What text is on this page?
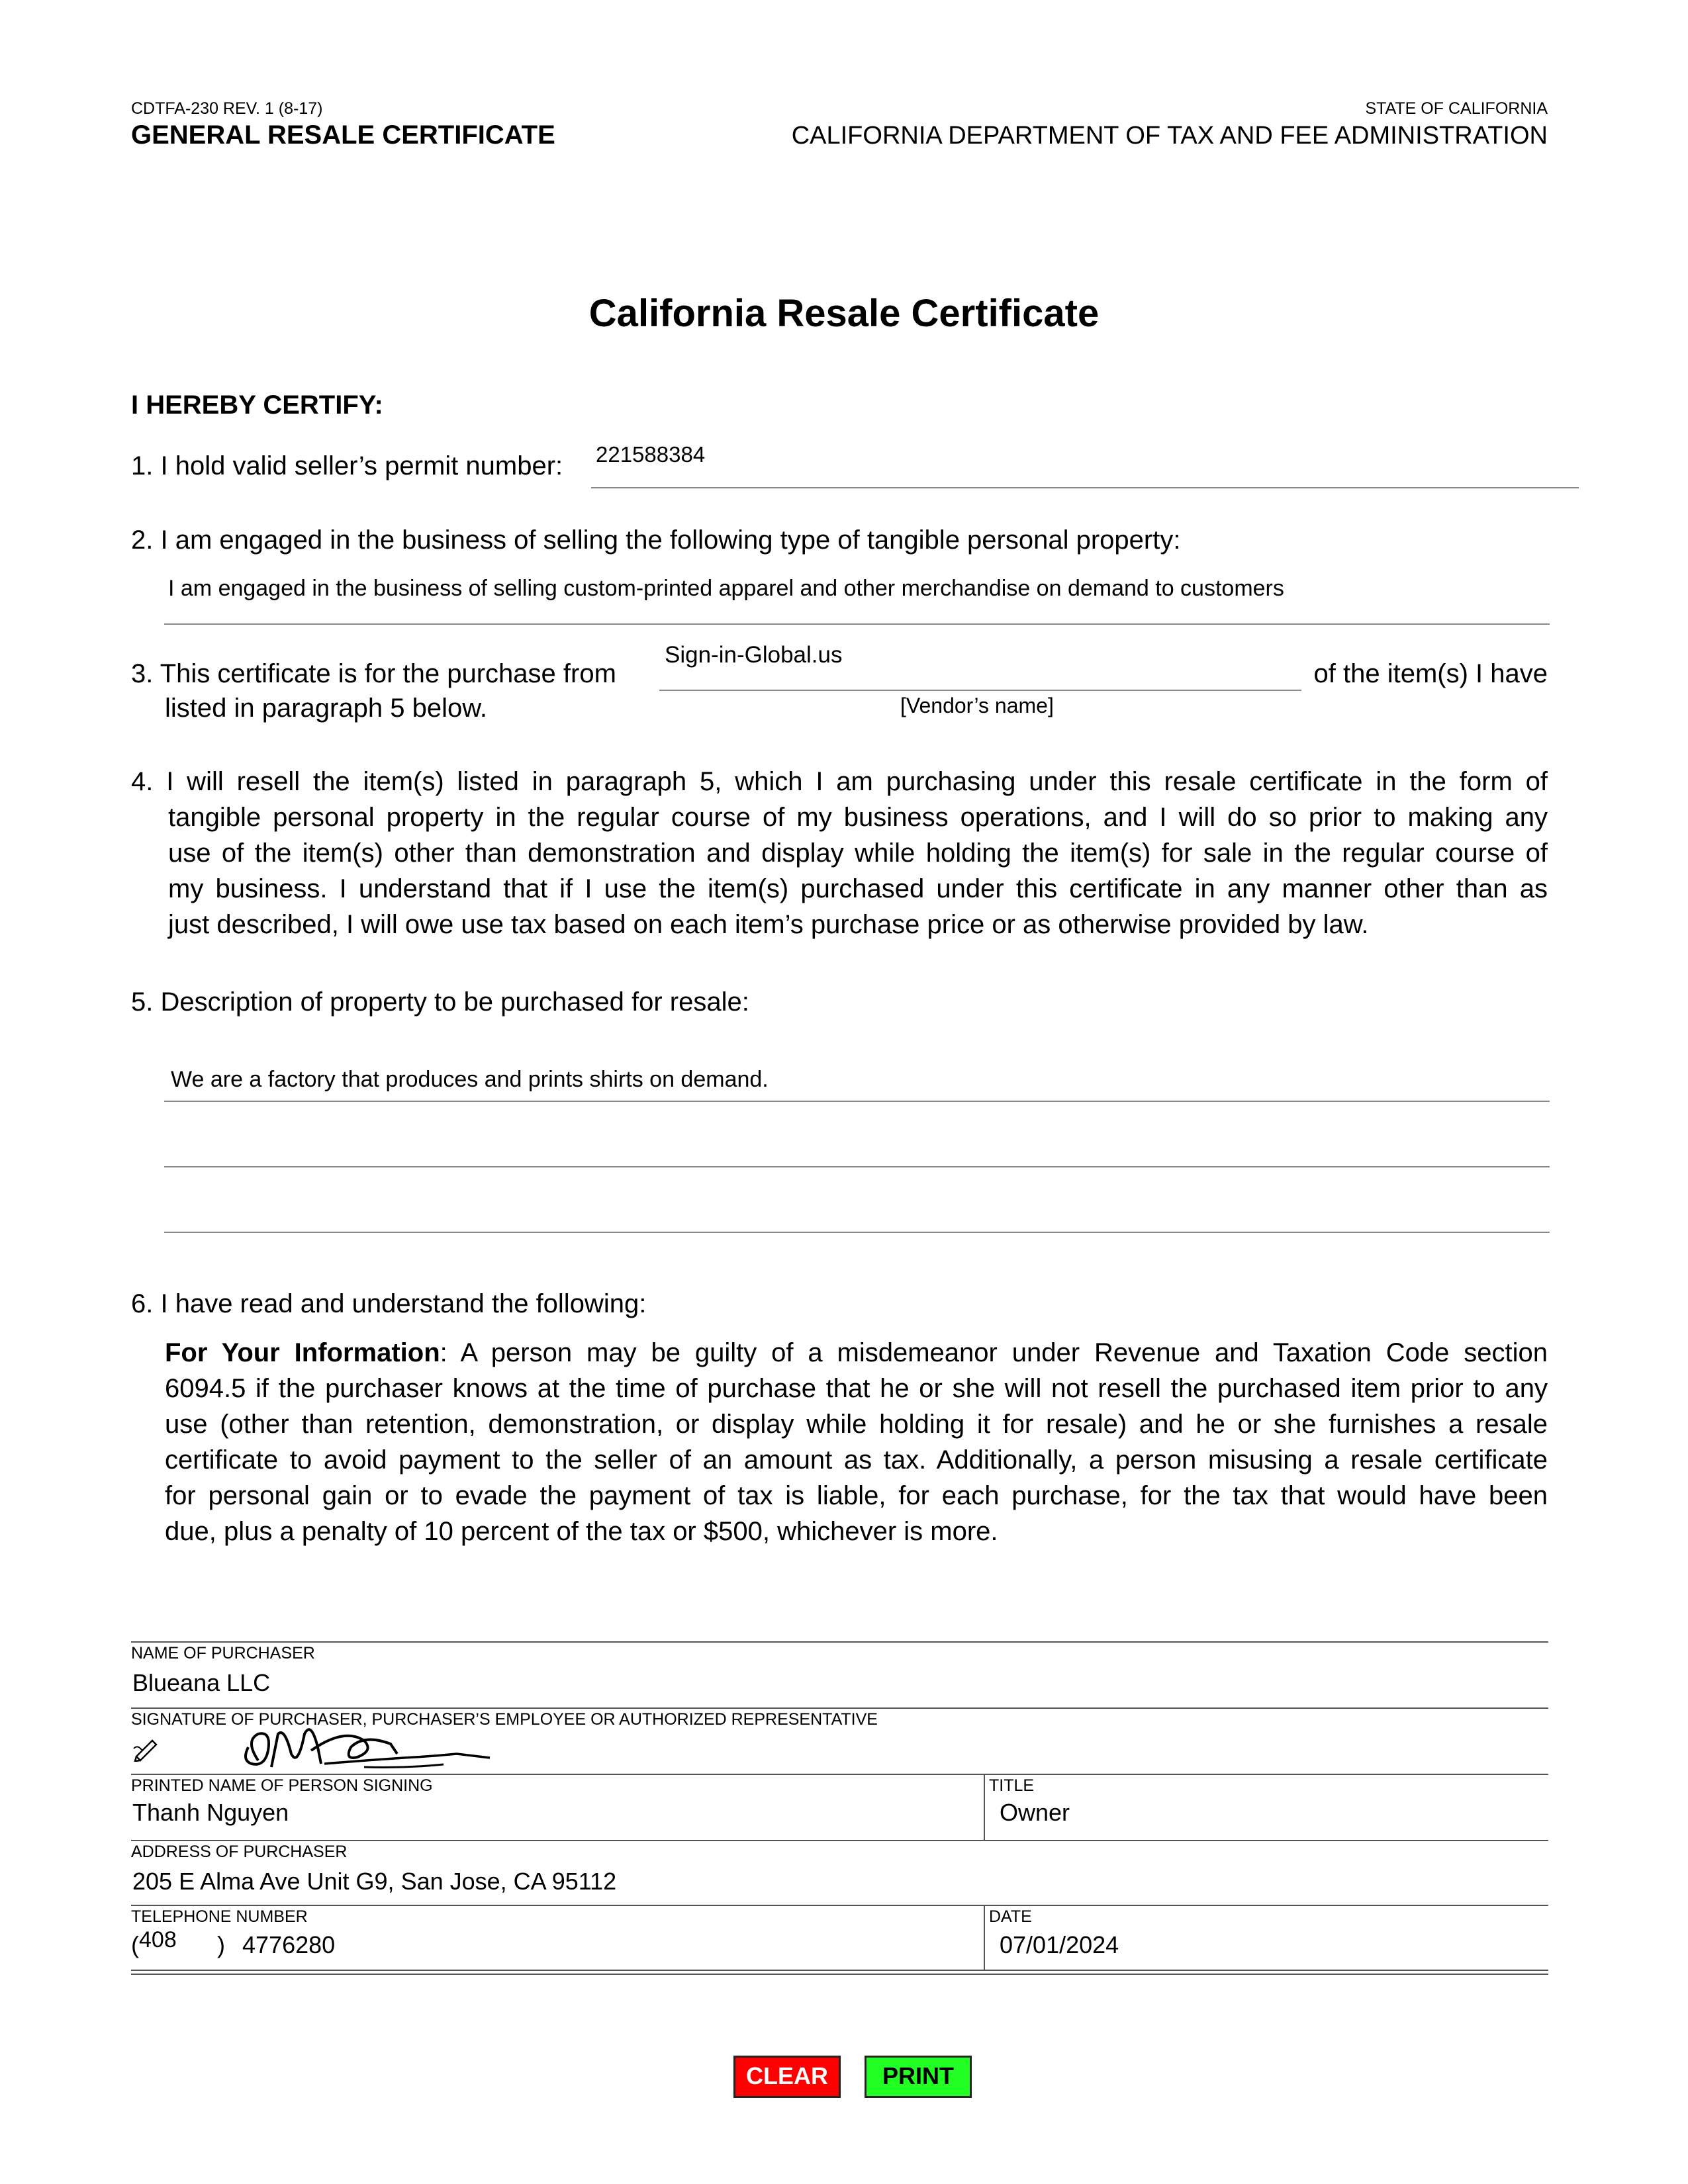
CDTFA-230 REV. 1 (8-17)
GENERAL RESALE CERTIFICATE
STATE OF CALIFORNIA
CALIFORNIA DEPARTMENT OF TAX AND FEE ADMINISTRATION
California Resale Certificate
I HEREBY CERTIFY:
1. I hold valid seller’s permit number: 221588384
2. I am engaged in the business of selling the following type of tangible personal property:
I am engaged in the business of selling custom-printed apparel and other merchandise on demand to customers
3. This certificate is for the purchase from
Sign-in-Global.us
of the item(s) I have
listed in paragraph 5 below.	[Vendor’s name]
4. I will resell the item(s) listed in paragraph 5, which I am purchasing under this resale certificate in the form of
tangible personal property in the regular course of my business operations, and I will do so prior to making any
use of the item(s) other than demonstration and display while holding the item(s) for sale in the regular course of
my business. I understand that if I use the item(s) purchased under this certificate in any manner other than as
just described, I will owe use tax based on each item’s purchase price or as otherwise provided by law.
5. Description of property to be purchased for resale:
We are a factory that produces and prints shirts on demand.
6. I have read and understand the following:
For Your Information: A person may be guilty of a misdemeanor under Revenue and Taxation Code section
6094.5 if the purchaser knows at the time of purchase that he or she will not resell the purchased item prior to any
use (other than retention, demonstration, or display while holding it for resale) and he or she furnishes a resale
certificate to avoid payment to the seller of an amount as tax. Additionally, a person misusing a resale certificate
for personal gain or to evade the payment of tax is liable, for each purchase, for the tax that would have been
due, plus a penalty of 10 percent of the tax or $500, whichever is more.
NAME OF PURCHASER
Blueana LLC
SIGNATURE OF PURCHASER, PURCHASER’S EMPLOYEE OR AUTHORIZED REPRESENTATIVE
PRINTED NAME OF PERSON SIGNING
Thanh Nguyen
TITLE
Owner
ADDRESS OF PURCHASER
205 E Alma Ave Unit G9, San Jose, CA 95112
TELEPHONE NUMBER
( 408 ) 4776280
DATE
07/01/2024
CLEAR	PRINT
